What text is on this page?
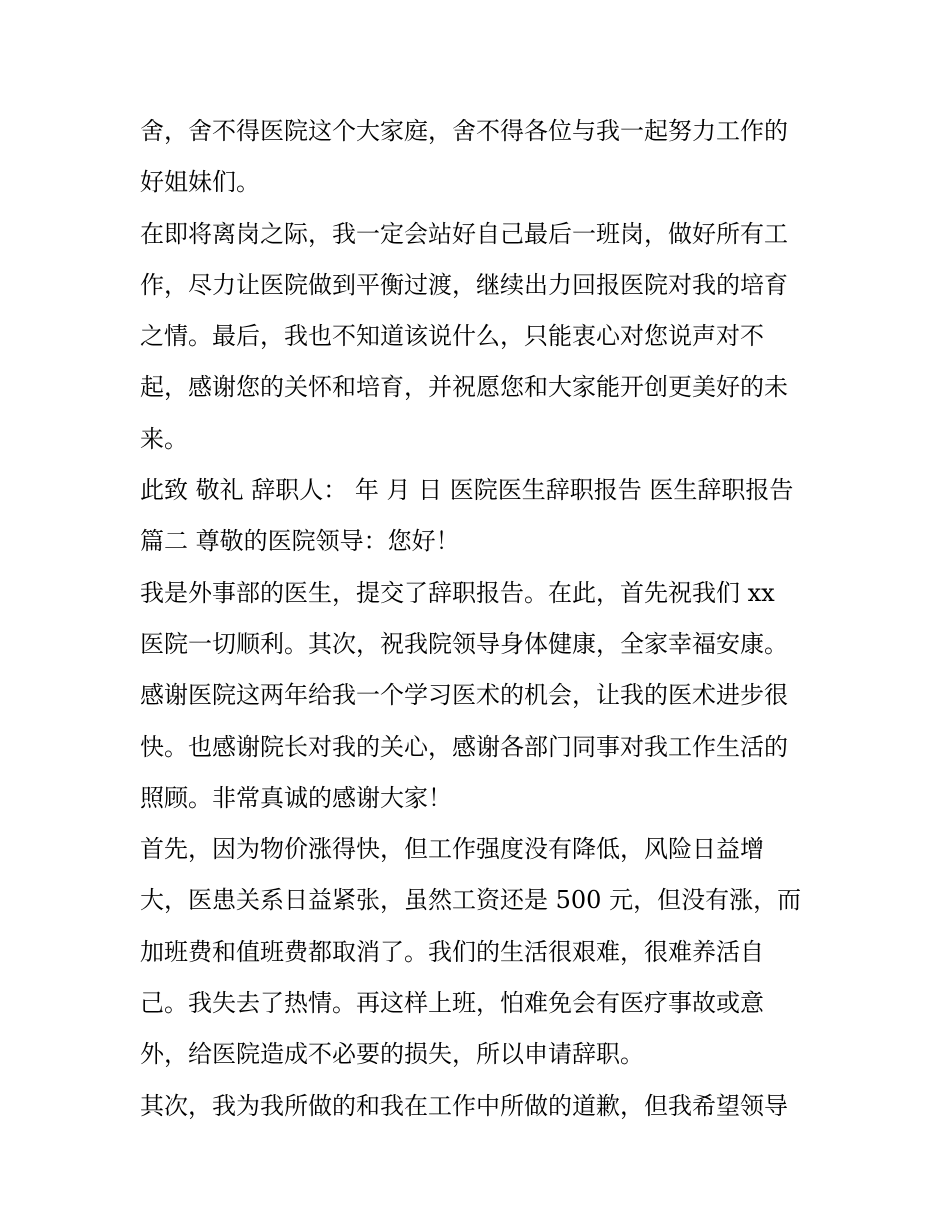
舍，舍不得医院这个大家庭，舍不得各位与我一起努力工作的
好姐妹们。
在即将离岗之际，我一定会站好自己最后一班岗，做好所有工
作，尽力让医院做到平衡过渡，继续出力回报医院对我的培育
之情。最后，我也不知道该说什么，只能衷心对您说声对不
起，感谢您的关怀和培育，并祝愿您和大家能开创更美好的未
来。
此致 敬礼 辞职人： 年 月 日 医院医生辞职报告 医生辞职报告
篇二 尊敬的医院领导：您好！
我是外事部的医生，提交了辞职报告。在此，首先祝我们 xx
医院一切顺利。其次，祝我院领导身体健康，全家幸福安康。
感谢医院这两年给我一个学习医术的机会，让我的医术进步很
快。也感谢院长对我的关心，感谢各部门同事对我工作生活的
照顾。非常真诚的感谢大家！
首先，因为物价涨得快，但工作强度没有降低，风险日益增
大，医患关系日益紧张，虽然工资还是 500 元，但没有涨，而
加班费和值班费都取消了。我们的生活很艰难，很难养活自
己。我失去了热情。再这样上班，怕难免会有医疗事故或意
外，给医院造成不必要的损失，所以申请辞职。
其次，我为我所做的和我在工作中所做的道歉，但我希望领导
